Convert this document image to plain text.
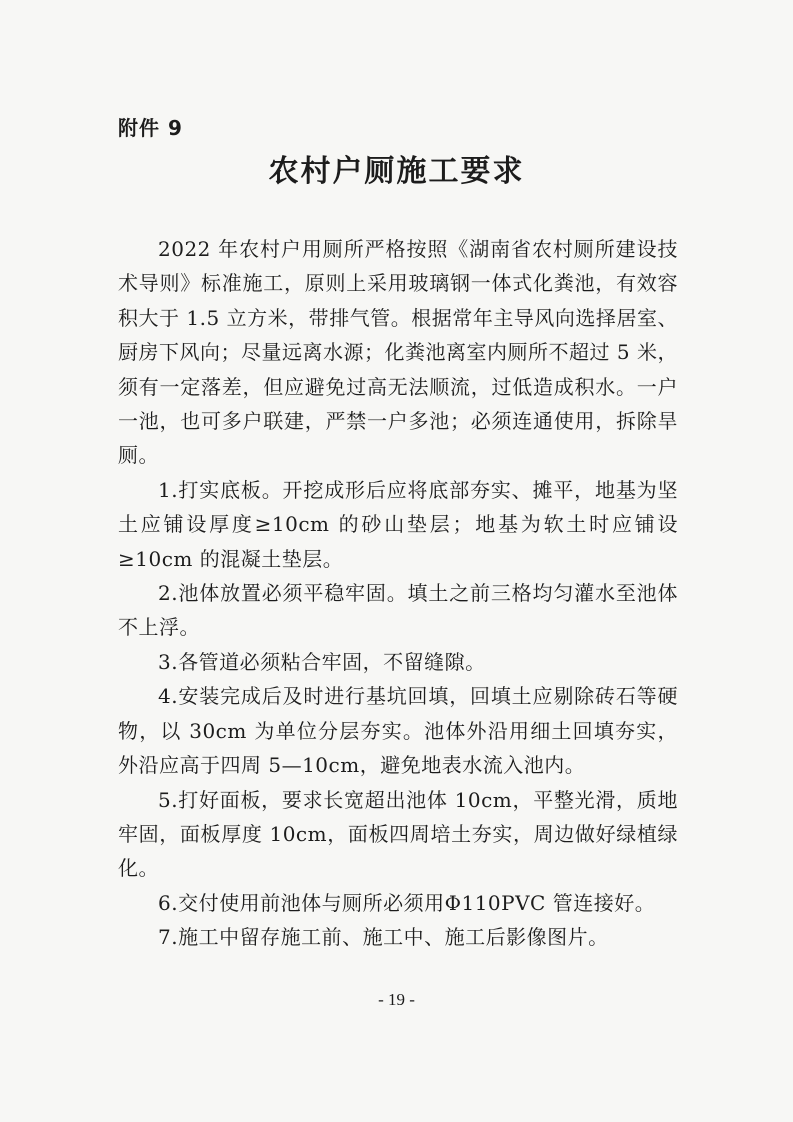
附件 9
农村户厕施工要求

2022 年农村户用厕所严格按照《湖南省农村厕所建设技术导则》标准施工，原则上采用玻璃钢一体式化粪池，有效容积大于 1.5 立方米，带排气管。根据常年主导风向选择居室、厨房下风向；尽量远离水源；化粪池离室内厕所不超过 5 米，须有一定落差，但应避免过高无法顺流，过低造成积水。一户一池，也可多户联建，严禁一户多池；必须连通使用，拆除旱厕。

1.打实底板。开挖成形后应将底部夯实、摊平，地基为坚土应铺设厚度≥10cm 的砂山垫层；地基为软土时应铺设≥10cm 的混凝土垫层。

2.池体放置必须平稳牢固。填土之前三格均匀灌水至池体不上浮。

3.各管道必须粘合牢固，不留缝隙。

4.安装完成后及时进行基坑回填，回填土应剔除砖石等硬物，以 30cm 为单位分层夯实。池体外沿用细土回填夯实，外沿应高于四周 5—10cm，避免地表水流入池内。

5.打好面板，要求长宽超出池体 10cm，平整光滑，质地牢固，面板厚度 10cm，面板四周培土夯实，周边做好绿植绿化。

6.交付使用前池体与厕所必须用Φ110PVC 管连接好。

7.施工中留存施工前、施工中、施工后影像图片。

- 19 -
